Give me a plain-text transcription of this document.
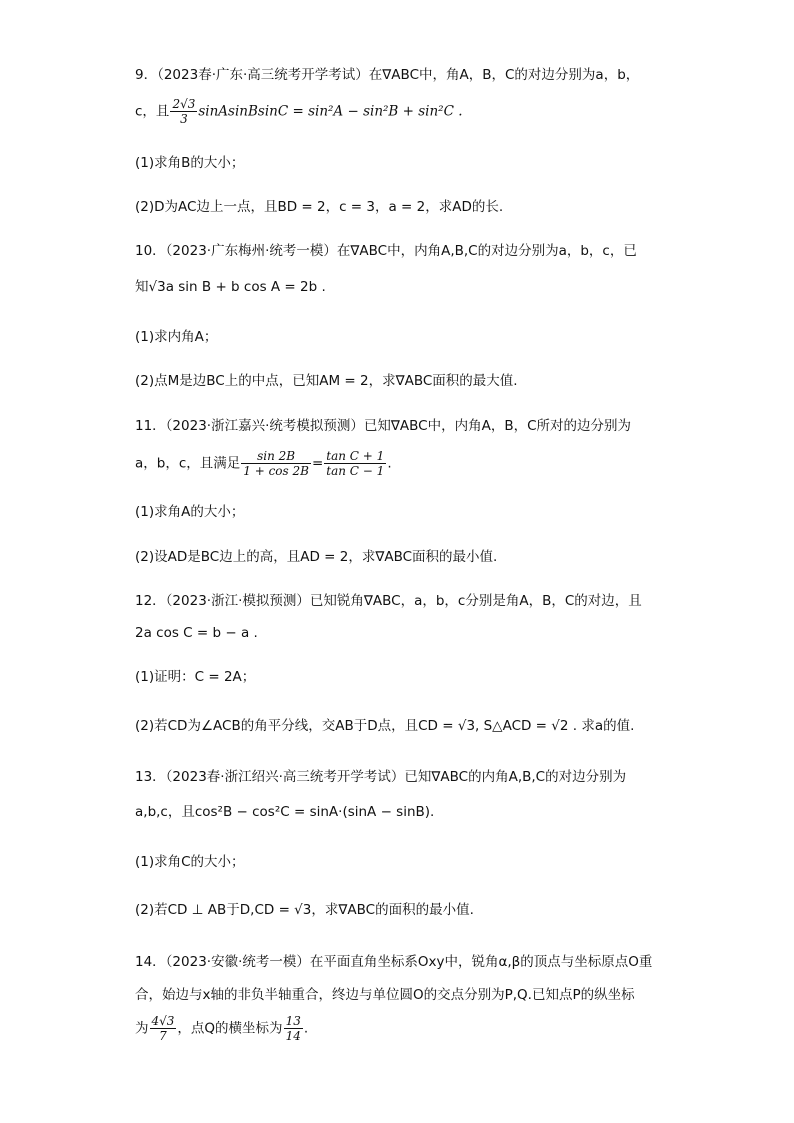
9．（2023春·广东·高三统考开学考试）在∇ABC中，角A，B，C的对边分别为a，b，
c，且 $\frac{2√3}{3}$ sinAsinBsinC = sin²A − sin²B + sin²C .
(1)求角B的大小；
(2)D为AC边上一点，且BD = 2，c = 3，a = 2，求AD的长.
10．（2023·广东梅州·统考一模）在∇ABC中，内角A,B,C的对边分别为a，b，c，已
知√3a sin B + b cos A = 2b .
(1)求内角A；
(2)点M是边BC上的中点，已知AM = 2，求∇ABC面积的最大值.
11．（2023·浙江嘉兴·统考模拟预测）已知∇ABC中，内角A，B，C所对的边分别为
a，b，c，且满足 $\frac{\sin 2B}{1 + \cos 2B} = \frac{\text{tan C + 1}}{\text{tan C − 1}}$ .
(1)求角A的大小；
(2)设AD是BC边上的高，且AD = 2，求∇ABC面积的最小值.
12．（2023·浙江·模拟预测）已知锐角∇ABC，a，b，c分别是角A，B，C的对边，且
2a cos C = b − a .
(1)证明：C = 2A；
(2)若CD为∠ACB的角平分线，交AB于D点，且CD = √3, S△ACD = √2 . 求a的值.
13．（2023春·浙江绍兴·高三统考开学考试）已知∇ABC的内角A,B,C的对边分别为
a,b,c，且cos²B − cos²C = sinA·(sinA − sinB).
(1)求角C的大小；
(2)若CD ⊥ AB于D,CD = √3，求∇ABC的面积的最小值.
14．（2023·安徽·统考一模）在平面直角坐标系Oxy中，锐角α,β的顶点与坐标原点O重
合，始边与x轴的非负半轴重合，终边与单位圆O的交点分别为P,Q.已知点P的纵坐标
为 $\frac{4√3}{7}$ ，点Q的横坐标为 $\frac{13}{14}$ .
